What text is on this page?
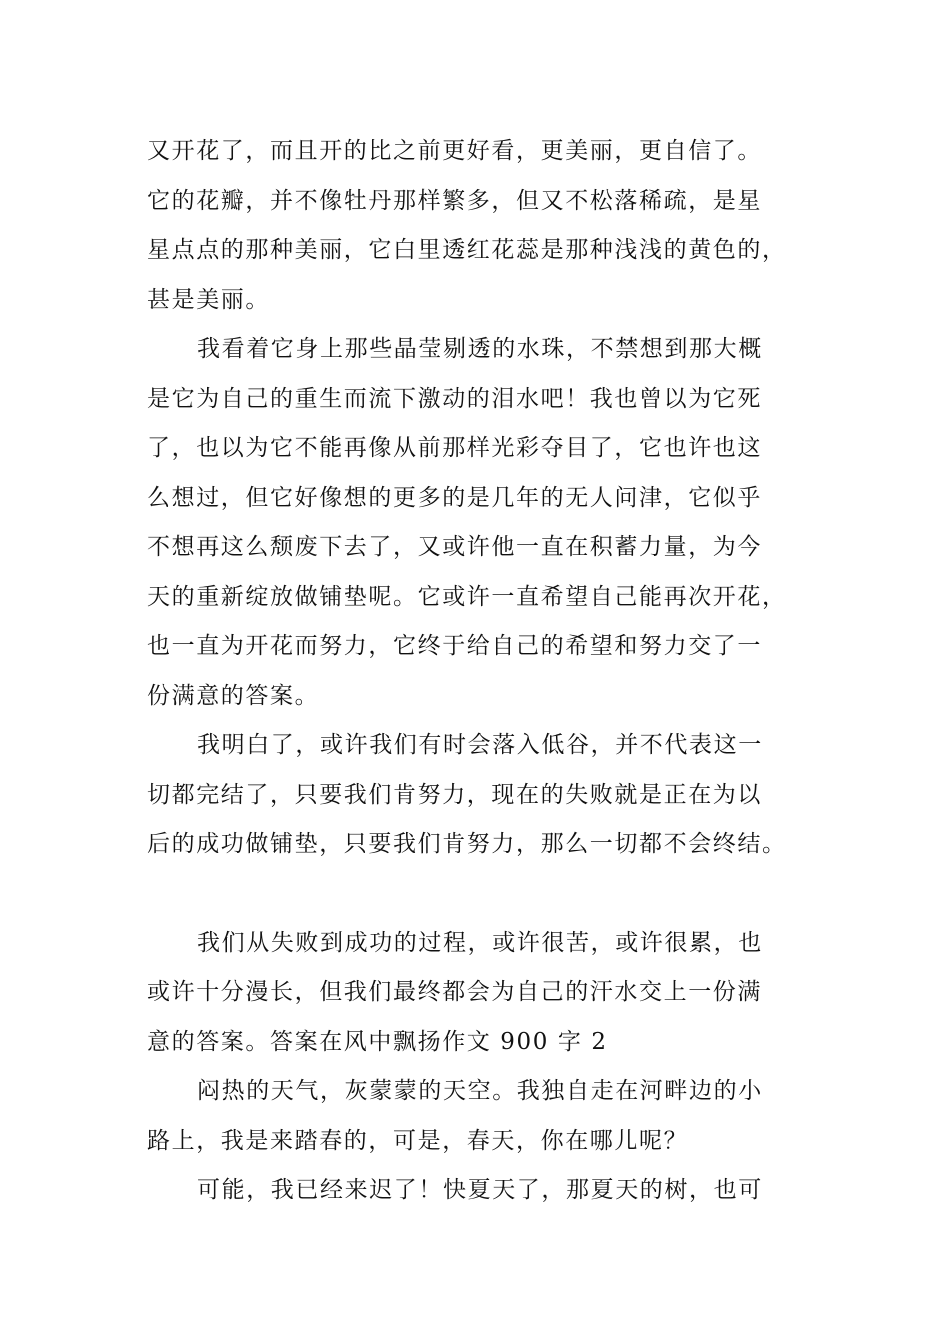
又开花了，而且开的比之前更好看，更美丽，更自信了。
它的花瓣，并不像牡丹那样繁多，但又不松落稀疏，是星
星点点的那种美丽，它白里透红花蕊是那种浅浅的黄色的，
甚是美丽。
我看着它身上那些晶莹剔透的水珠，不禁想到那大概
是它为自己的重生而流下激动的泪水吧！我也曾以为它死
了，也以为它不能再像从前那样光彩夺目了，它也许也这
么想过，但它好像想的更多的是几年的无人问津，它似乎
不想再这么颓废下去了，又或许他一直在积蓄力量，为今
天的重新绽放做铺垫呢。它或许一直希望自己能再次开花，
也一直为开花而努力，它终于给自己的希望和努力交了一
份满意的答案。
我明白了，或许我们有时会落入低谷，并不代表这一
切都完结了，只要我们肯努力，现在的失败就是正在为以
后的成功做铺垫，只要我们肯努力，那么一切都不会终结。
我们从失败到成功的过程，或许很苦，或许很累，也
或许十分漫长，但我们最终都会为自己的汗水交上一份满
意的答案。答案在风中飘扬作文 900 字 2
闷热的天气，灰蒙蒙的天空。我独自走在河畔边的小
路上，我是来踏春的，可是，春天，你在哪儿呢？
可能，我已经来迟了！快夏天了，那夏天的树，也可
